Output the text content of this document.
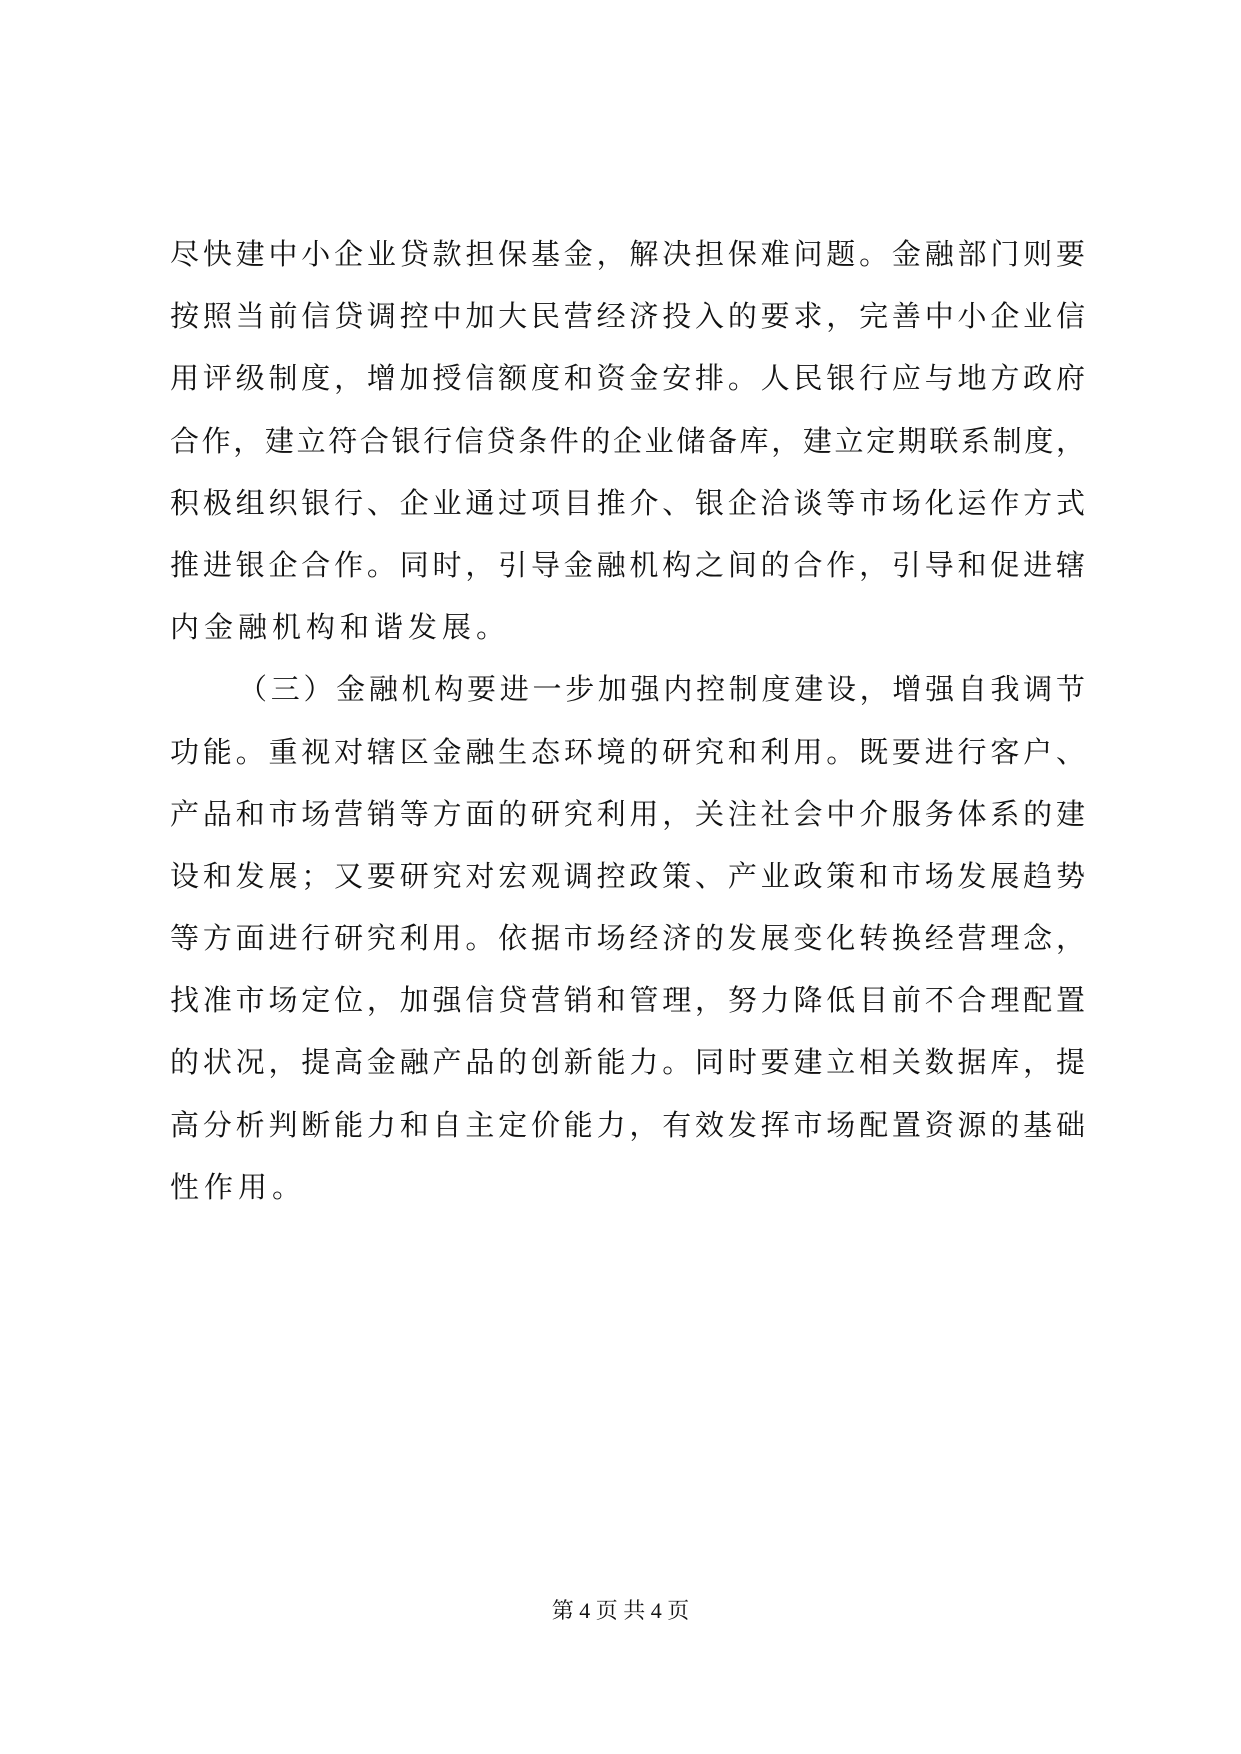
尽快建中小企业贷款担保基金，解决担保难问题。金融部门则要
按照当前信贷调控中加大民营经济投入的要求，完善中小企业信
用评级制度，增加授信额度和资金安排。人民银行应与地方政府
合作，建立符合银行信贷条件的企业储备库，建立定期联系制度，
积极组织银行、企业通过项目推介、银企洽谈等市场化运作方式
推进银企合作。同时，引导金融机构之间的合作，引导和促进辖
内金融机构和谐发展。
（三）金融机构要进一步加强内控制度建设，增强自我调节
功能。重视对辖区金融生态环境的研究和利用。既要进行客户、
产品和市场营销等方面的研究利用，关注社会中介服务体系的建
设和发展；又要研究对宏观调控政策、产业政策和市场发展趋势
等方面进行研究利用。依据市场经济的发展变化转换经营理念，
找准市场定位，加强信贷营销和管理，努力降低目前不合理配置
的状况，提高金融产品的创新能力。同时要建立相关数据库，提
高分析判断能力和自主定价能力，有效发挥市场配置资源的基础
性作用。
第 4 页 共 4 页
